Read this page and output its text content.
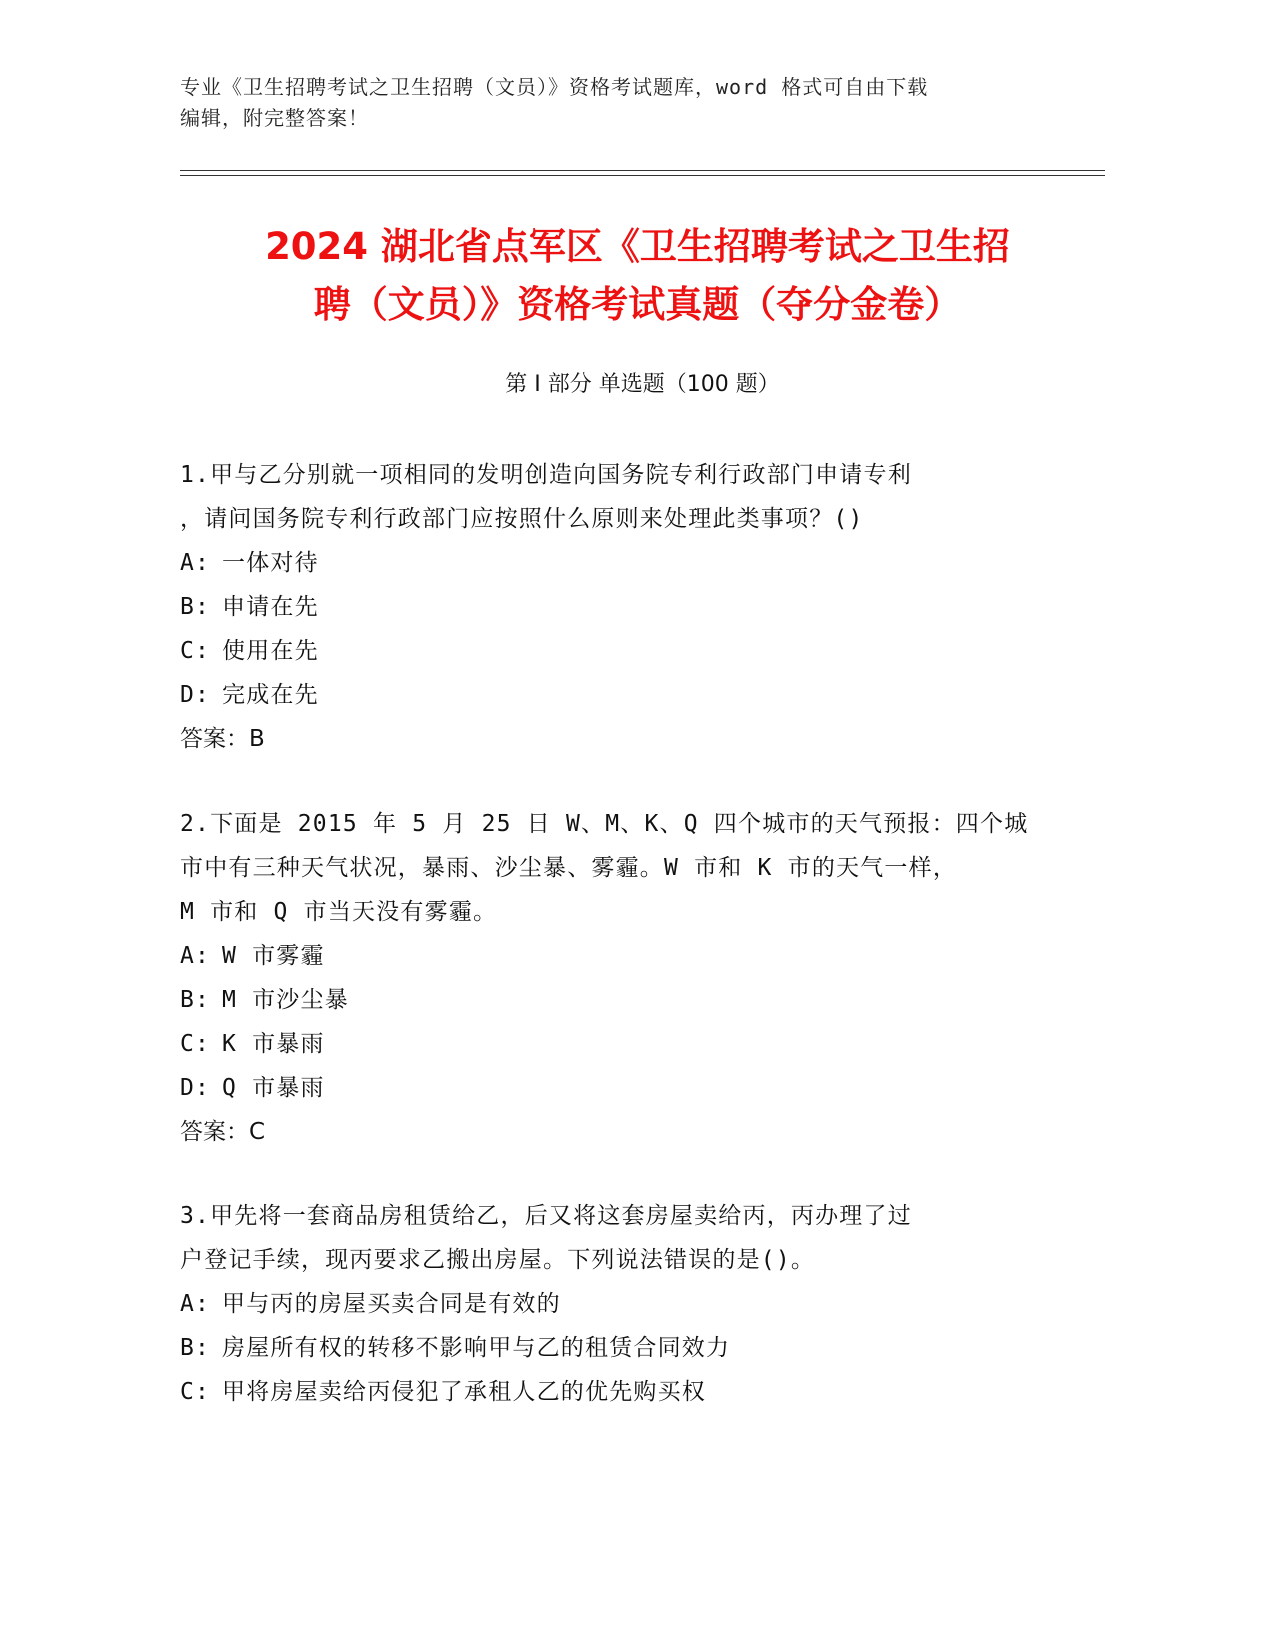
专业《卫生招聘考试之卫生招聘（文员）》资格考试题库，word 格式可自由下载
编辑，附完整答案！
2024 湖北省点军区《卫生招聘考试之卫生招
聘（文员）》资格考试真题（夺分金卷）
第 I 部分 单选题（100 题）

1.甲与乙分别就一项相同的发明创造向国务院专利行政部门申请专利

，请问国务院专利行政部门应按照什么原则来处理此类事项？()

A: 一体对待

B: 申请在先

C: 使用在先

D: 完成在先

答案：B

2.下面是 2015 年 5 月 25 日 W、M、K、Q 四个城市的天气预报：四个城

市中有三种天气状况，暴雨、沙尘暴、雾霾。W 市和 K 市的天气一样，

M 市和 Q 市当天没有雾霾。

A: W 市雾霾

B: M 市沙尘暴

C: K 市暴雨

D: Q 市暴雨

答案：C

3.甲先将一套商品房租赁给乙，后又将这套房屋卖给丙，丙办理了过

户登记手续，现丙要求乙搬出房屋。下列说法错误的是()。

A: 甲与丙的房屋买卖合同是有效的

B: 房屋所有权的转移不影响甲与乙的租赁合同效力

C: 甲将房屋卖给丙侵犯了承租人乙的优先购买权
